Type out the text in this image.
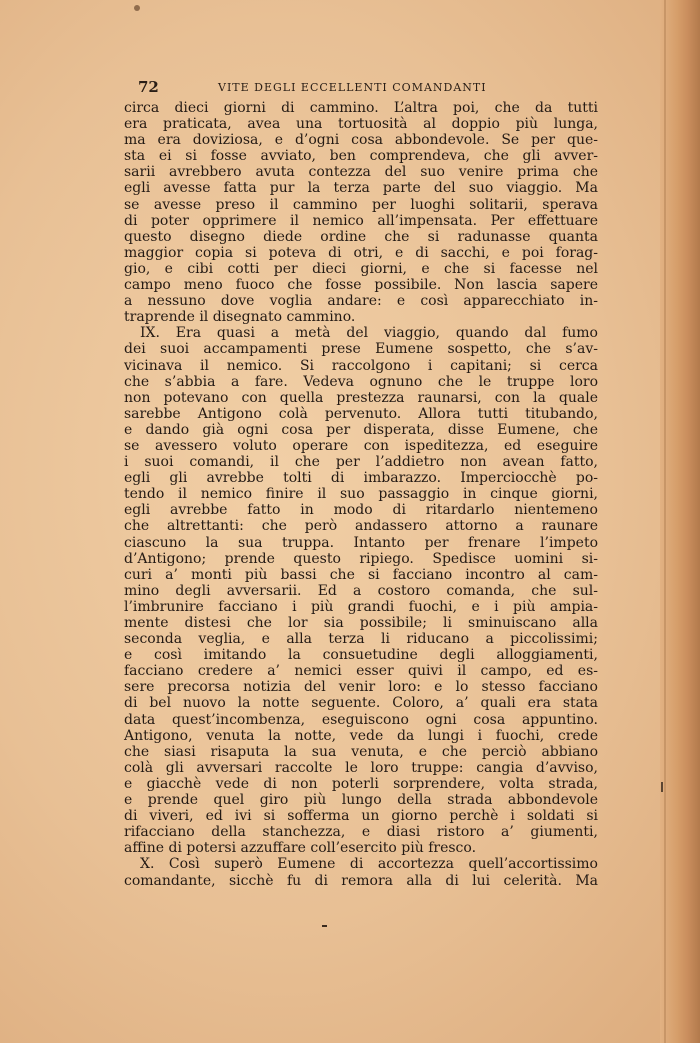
72	VITE DEGLI ECCELLENTI COMANDANTI
circa dieci giorni di cammino. L’altra poi, che da tutti
era praticata, avea una tortuosità al doppio più lunga,
ma era doviziosa, e d’ogni cosa abbondevole. Se per que-
sta ei si fosse avviato, ben comprendeva, che gli avver-
sarii avrebbero avuta contezza del suo venire prima che
egli avesse fatta pur la terza parte del suo viaggio. Ma
se avesse preso il cammino per luoghi solitarii, sperava
di poter opprimere il nemico all’impensata. Per effettuare
questo disegno diede ordine che si radunasse quanta
maggior copia si poteva di otri, e di sacchi, e poi forag-
gio, e cibi cotti per dieci giorni, e che si facesse nel
campo meno fuoco che fosse possibile. Non lascia sapere
a nessuno dove voglia andare: e così apparecchiato in-
traprende il disegnato cammino.
IX. Era quasi a metà del viaggio, quando dal fumo
dei suoi accampamenti prese Eumene sospetto, che s’av-
vicinava il nemico. Si raccolgono i capitani; si cerca
che s’abbia a fare. Vedeva ognuno che le truppe loro
non potevano con quella prestezza raunarsi, con la quale
sarebbe Antigono colà pervenuto. Allora tutti titubando,
e dando già ogni cosa per disperata, disse Eumene, che
se avessero voluto operare con ispeditezza, ed eseguire
i suoi comandi, il che per l’addietro non avean fatto,
egli gli avrebbe tolti di imbarazzo. Imperciocchè po-
tendo il nemico finire il suo passaggio in cinque giorni,
egli avrebbe fatto in modo di ritardarlo nientemeno
che altrettanti: che però andassero attorno a raunare
ciascuno la sua truppa. Intanto per frenare l’impeto
d’Antigono; prende questo ripiego. Spedisce uomini si-
curi a’ monti più bassi che si facciano incontro al cam-
mino degli avversarii. Ed a costoro comanda, che sul-
l’imbrunire facciano i più grandi fuochi, e i più ampia-
mente distesi che lor sia possibile; li sminuiscano alla
seconda veglia, e alla terza li riducano a piccolissimi;
e così imitando la consuetudine degli alloggiamenti,
facciano credere a’ nemici esser quivi il campo, ed es-
sere precorsa notizia del venir loro: e lo stesso facciano
di bel nuovo la notte seguente. Coloro, a’ quali era stata
data quest’incombenza, eseguiscono ogni cosa appuntino.
Antigono, venuta la notte, vede da lungi i fuochi, crede
che siasi risaputa la sua venuta, e che perciò abbiano
colà gli avversari raccolte le loro truppe: cangia d’avviso,
e giacchè vede di non poterli sorprendere, volta strada,
e prende quel giro più lungo della strada abbondevole
di viveri, ed ivi si sofferma un giorno perchè i soldati si
rifacciano della stanchezza, e diasi ristoro a’ giumenti,
affine di potersi azzuffare coll’esercito più fresco.
X. Così superò Eumene di accortezza quell’accortissimo
comandante, sicchè fu di remora alla di lui celerità. Ma
